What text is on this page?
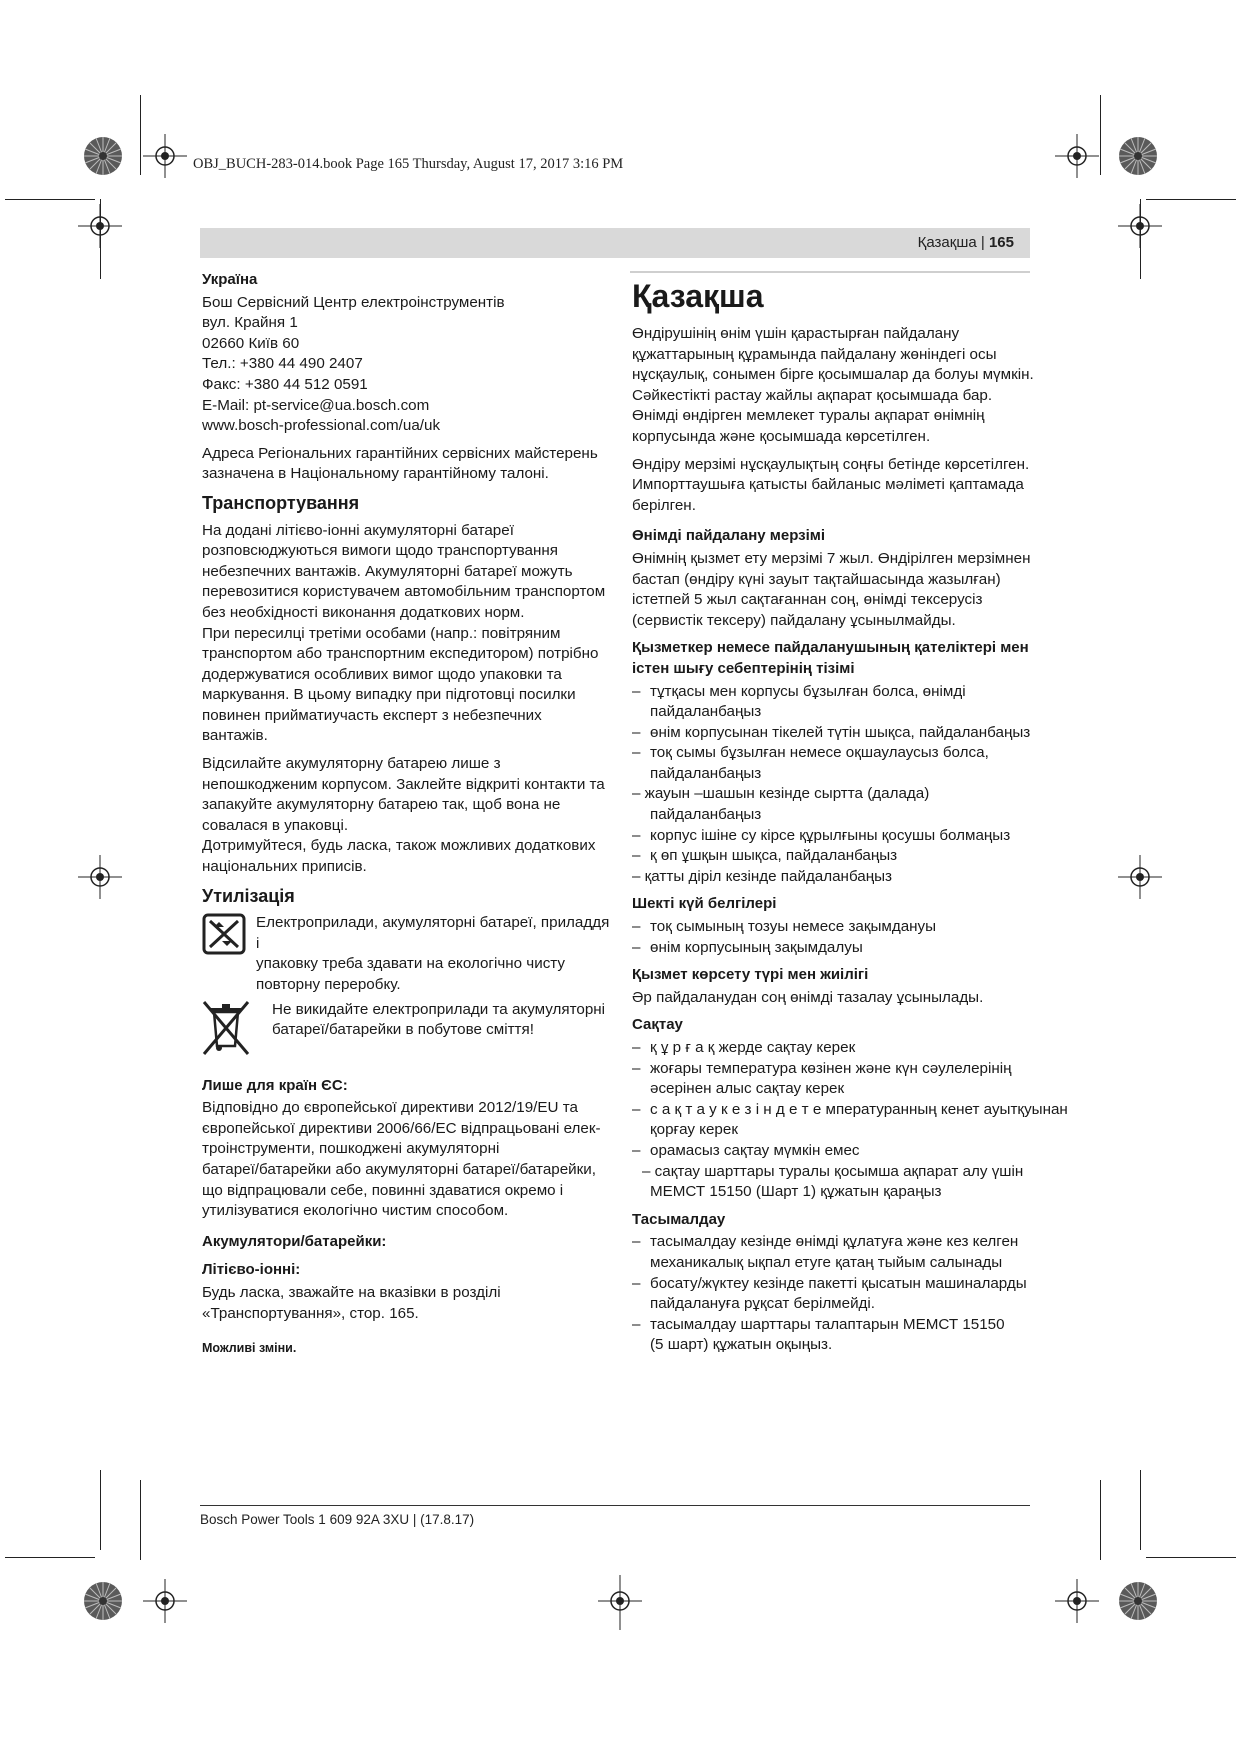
OBJ_BUCH-283-014.book Page 165 Thursday, August 17, 2017 3:16 PM
Қазақша | 165
Україна
Бош Сервісний Центр електроінструментів
вул. Крайня 1
02660 Київ 60
Тел.: +380 44 490 2407
Факс: +380 44 512 0591
E-Mail: pt-service@ua.bosch.com
www.bosch-professional.com/ua/uk
Адреса Регіональних гарантійних сервісних майстерень
зазначена в Національному гарантійному талоні.
Транспортування
На додані літієво-іонні акумуляторні батареї
розповсюджуються вимоги щодо транспортування
небезпечних вантажів. Акумуляторні батареї можуть
перевозитися користувачем автомобільним транспортом
без необхідності виконання додаткових норм.
При пересилці третіми особами (напр.: повітряним
транспортом або транспортним експедитором) потрібно
додержуватися особливих вимог щодо упаковки та
маркування. В цьому випадку при підготовці посилки
повинен прийматиучасть експерт з небезпечних
вантажів.
Відсилайте акумуляторну батарею лише з
непошкодженим корпусом. Заклейте відкриті контакти та
запакуйте акумуляторну батарею так, щоб вона не
совалася в упаковці.
Дотримуйтеся, будь ласка, також можливих додаткових
національних приписів.
Утилізація
Електроприлади, акумуляторні батареї, приладдя і
упаковку треба здавати на екологічно чисту
повторну переробку.
Не викидайте електроприлади та акумуляторні
батареї/батарейки в побутове сміття!
Лише для країн ЄС:
Відповідно до європейської директиви 2012/19/EU та
європейської директиви 2006/66/EC відпрацьовані елек-
троінструменти, пошкоджені акумуляторні
батареї/батарейки або акумуляторні батареї/батарейки,
що відпрацювали себе, повинні здаватися окремо і
утилізуватися екологічно чистим способом.
Акумулятори/батарейки:
Літієво-іонні:
Будь ласка, зважайте на вказівки в розділі
«Транспортування», стор. 165.
Можливі зміни.
Қазақша
Өндірушінің өнім үшін қарастырған пайдалану
құжаттарының құрамында пайдалану жөніндегі осы
нұсқаулық, сонымен бірге қосымшалар да болуы мүмкін.
Сәйкестікті растау жайлы ақпарат қосымшада бар.
Өнімді өндірген мемлекет туралы ақпарат өнімнің
корпусында және қосымшада көрсетілген.
Өндіру мерзімі нұсқаулықтың соңғы бетінде көрсетілген.
Импорттаушыға қатысты байланыс мәліметі қаптамада
берілген.
Өнімді пайдалану мерзімі
Өнімнің қызмет ету мерзімі 7 жыл. Өндірілген мерзімнен
бастап (өндіру күні зауыт тақтайшасында жазылған)
істетпей 5 жыл сақтағаннан соң, өнімді тексерусіз
(сервистік тексеру) пайдалану ұсынылмайды.
Қызметкер немесе пайдаланушының қателіктері мен
істен шығу себептерінің тізімі
– тұтқасы мен корпусы бұзылған болса, өнімді
пайдаланбаңыз
– өнім корпусынан тікелей түтін шықса, пайдаланбаңыз
– тоқ сымы бұзылған немесе оқшаулаусыз болса,
пайдаланбаңыз
– жауын –шашын кезінде сыртта (далада)
пайдаланбаңыз
– корпус ішіне су кірсе құрылғыны қосушы болмаңыз
– қ өп ұшқын шықса, пайдаланбаңыз
– қатты діріл кезінде пайдаланбаңыз
Шекті күй белгілері
– тоқ сымының тозуы немесе зақымдануы
– өнім корпусының зақымдалуы
Қызмет көрсету түрі мен жиілігі
Әр пайдаланудан соң өнімді тазалау ұсынылады.
Сақтау
– қ ұ р ғ а қ жерде сақтау керек
– жоғары температура көзінен және күн сәулелерінің
әсерінен алыс сақтау керек
– с а қ т а у к е з і н д е т е мпературанның кенет ауытқуынан
қорғау керек
– орамасыз сақтау мүмкін емес
– сақтау шарттары туралы қосымша ақпарат алу үшін
МЕМСТ 15150 (Шарт 1) құжатын қараңыз
Тасымалдау
– тасымалдау кезінде өнімді құлатуға және кез келген
механикалық ықпал етуге қатаң тыйым салынады
– босату/жүктеу кезінде пакетті қысатын машиналарды
пайдалануға рұқсат берілмейді.
– тасымалдау шарттары талаптарын МЕМСТ 15150
(5 шарт) құжатын оқыңыз.
Bosch Power Tools 1 609 92A 3XU | (17.8.17)
